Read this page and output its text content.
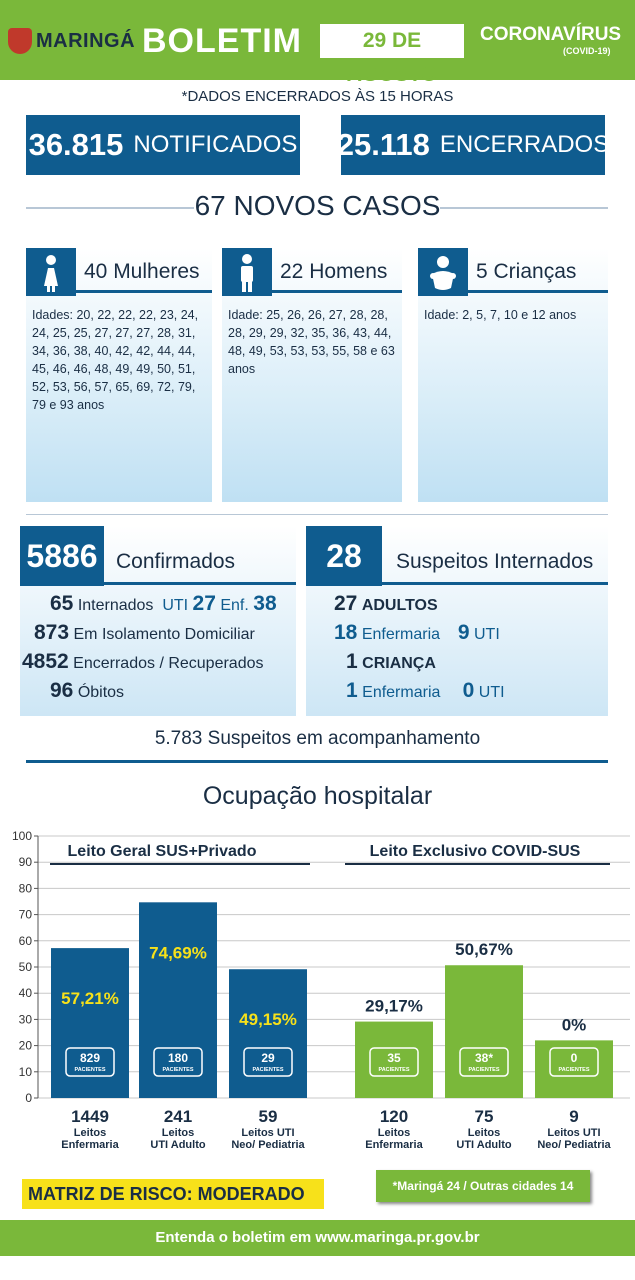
MARINGÁ BOLETIM	29 DE AGOSTO
CORONAVÍRUS
(COVID-19)
*DADOS ENCERRADOS ÀS 15 HORAS
36.815 NOTIFICADOS 25.118 ENCERRADOS
67 NOVOS CASOS
40 Mulheres
Idades: 20, 22, 22, 22, 23, 24, 24, 25, 25, 27, 27, 27, 28, 31, 34, 36, 38, 40, 42, 42, 44, 44, 45, 46, 46, 48, 49, 49, 50, 51, 52, 53, 56, 57, 65, 69, 72, 79, 79 e 93 anos
22 Homens
Idade: 25, 26, 26, 27, 28, 28, 28, 29, 29, 32, 35, 36, 43, 44, 48, 49, 53, 53, 53, 55, 58 e 63 anos
5 Crianças
Idade: 2, 5, 7, 10 e 12 anos
5886 Confirmados
65 Internados UTI 27 Enf. 38
873 Em Isolamento Domiciliar
4852 Encerrados / Recuperados
96 Óbitos
28	Suspeitos Internados
27 ADULTOS
18 Enfermaria 9 UTI
1 CRIANÇA
1 Enfermaria 0 UTI
5.783 Suspeitos em acompanhamento
Ocupação hospitalar
0
10
20
30
40
50
60
70
80
90
100
Leito Geral SUS+Privado
57,21%
829
PACIENTES
1449
Leitos
Enfermaria
74,69%
180
PACIENTES
241
Leitos
UTI Adulto
49,15%
29
PACIENTES
59
Leitos UTI
Neo/ Pediatria
Leito Exclusivo COVID-SUS
29,17%
35
PACIENTES
120
Leitos
Enfermaria
50,67%
38*
PACIENTES
75
Leitos
UTI Adulto
0%
0
PACIENTES
9
Leitos UTI
Neo/ Pediatria
MATRIZ DE RISCO: MODERADO	*Maringá 24 / Outras cidades 14
Entenda o boletim em www.maringa.pr.gov.br
